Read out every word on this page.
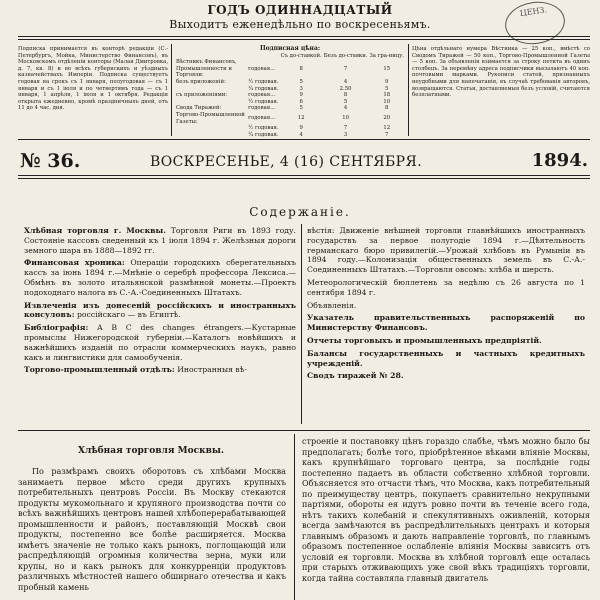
ГОДЪ ОДИННАДЦАТЫЙ
Выходитъ еженедѣльно по воскресеньямъ.
ЦЕНЗ.
Подписка принимается въ конторѣ редакціи (С.-Петербургъ, Мойка, Министерство Финансовъ), въ Московскомъ отдѣленіи конторы (Малая Дмитровка, д. 7, кв. 8) и во всѣхъ губернскихъ и уѣздныхъ казначействахъ Имперіи. Подписка существуетъ годовая на срокъ съ 1 января, полугодовая — съ 1 января и съ 1 іюля и по четвертямъ года — съ 1 января, 1 апрѣля, 1 іюля и 1 октября. Редакція открыта ежедневно, кромѣ праздничныхъ дней, отъ 11 до 4 час. дня.
Подписная цѣна:
		Съ до-ставкой.	Безъ до-ставки.	За гра-ницу.
Вѣстникъ Финансовъ, Промышленности и Торговли:	годовая...	8	7	15
безъ приложеній:	½ годовая.	5	4	9
	¼ годовая.	3	2.50	5
съ приложеніями:	годовая...	9	8	18
	½ годовая.	6	5	10
Свода Тиражей:	годовая...	5	4	8
Торгово-Промышленной Газеты:	годовая...	12	10	20
	½ годовая.	9	7	12
	¼ годовая.	4	3	7
Цѣна отдѣльнаго нумера Вѣстника — 25 коп., вмѣстѣ со Сводомъ Тиражей — 50 коп., Торгово-Промышленной Газеты — 5 коп. За объявленія взимается за строку петита въ одинъ столбецъ. За перемѣну адреса подписчики высылаютъ 40 коп. почтовыми марками. Рукописи статей, признанныхъ неудобными для напечатанія, въ случаѣ требованія авторовъ, возвращаются. Статьи, доставляемыя безъ условій, считаются безплатными.
№ 36.	ВОСКРЕСЕНЬЕ, 4 (16) СЕНТЯБРЯ.	1894.
Содержаніе.

Хлѣбная торговля г. Москвы. Торговля Риги въ 1893 году. Состояніе кассовъ сведенный къ 1 іюля 1894 г. Желѣзныя дороги земного шара въ 1888—1892 гг.

Финансовая хроника: Операціи городскихъ сберегательныхъ кассъ за іюнь 1894 г.—Мнѣніе о серебрѣ профессора Лексиса.—Обмѣнъ въ золото итальянской размѣнной монеты.—Проектъ подоходнаго налога въ С.-А.-Соединенныхъ Штатахъ.

Извлеченія изъ донесеній россійскихъ и иностранныхъ консуловъ: россійскаго — въ Египтѣ.

Библіографія: A B C des changes étrangers.—Кустарные промыслы Нижегородской губерніи.—Каталогъ новѣйшихъ и важнѣйшихъ изданій по отрасли коммерческихъ наукъ, равно какъ и лингвистики для самообученія.

Торгово-промышленный отдѣлъ: Иностранныя вѣ-

вѣстія: Движеніе внѣшней торговли главнѣйшихъ иностранныхъ государствъ за первое полугодіе 1894 г.—Дѣятельность германскаго бюро привилегій.—Урожай хлѣбовъ въ Румыніи въ 1894 году.—Колонизація общественныхъ земель въ С.-А.-Соединенныхъ Штатахъ.—Торговля овсомъ: хлѣба и шерсть.

Метеорологическій бюллетень за недѣлю съ 26 августа по 1 сентября 1894 г.

Объявленія.

Указатель правительственныхъ распоряженій по Министерству Финансовъ.

Отчеты торговыхъ и промышленныхъ предпріятій.

Балансы государственныхъ и частныхъ кредитныхъ учрежденій.

Сводъ тиражей № 28.

Хлѣбная торговля Москвы.

По размѣрамъ своихъ оборотовъ съ хлѣбами Москва занимаетъ первое мѣсто среди другихъ крупныхъ потребительныхъ центровъ Россіи. Въ Москву стекаются продукты мукомольнаго и крупяного производства почти со всѣхъ важнѣйшихъ центровъ нашей хлѣбоперерабатывающей промышленности и районъ, поставляющій Москвѣ свои продукты, постепенно все болѣе расширяется. Москва имѣетъ значеніе не только какъ рынокъ, поглощающій или распредѣляющій огромныя количества зерна, муки или крупы, но и какъ рынокъ для конкурренціи продуктовъ различныхъ мѣстностей нашего обширнаго отечества и какъ пробный камень

строеніе и постановку цѣнъ гораздо слабѣе, чѣмъ можно было бы предполагать; болѣе того, пріобрѣтенное вѣками вліяніе Москвы, какъ крупнѣйшаго торговаго центра, за послѣдніе годы постепенно падаетъ въ области собственно хлѣбной торговли. Объясняется это отчасти тѣмъ, что Москва, какъ потребительный по преимуществу центръ, покупаетъ сравнительно некрупными партіями, обороты ея идутъ ровно почти въ теченіе всего года, нѣтъ такихъ колебаній и спекулятивныхъ оживленій, которыя всегда замѣчаются въ распредѣлительныхъ центрахъ и которыя главнымъ образомъ и дають направленіе торговлѣ, по главнымъ образомъ постепенное ослабленіе вліянія Москвы зависитъ отъ условій ея торговли. Москва въ хлѣбной торговлѣ еще осталась при старыхъ отживающихъ уже свой вѣкъ традиціяхъ торговли, когда тайна составляла главный двигатель
